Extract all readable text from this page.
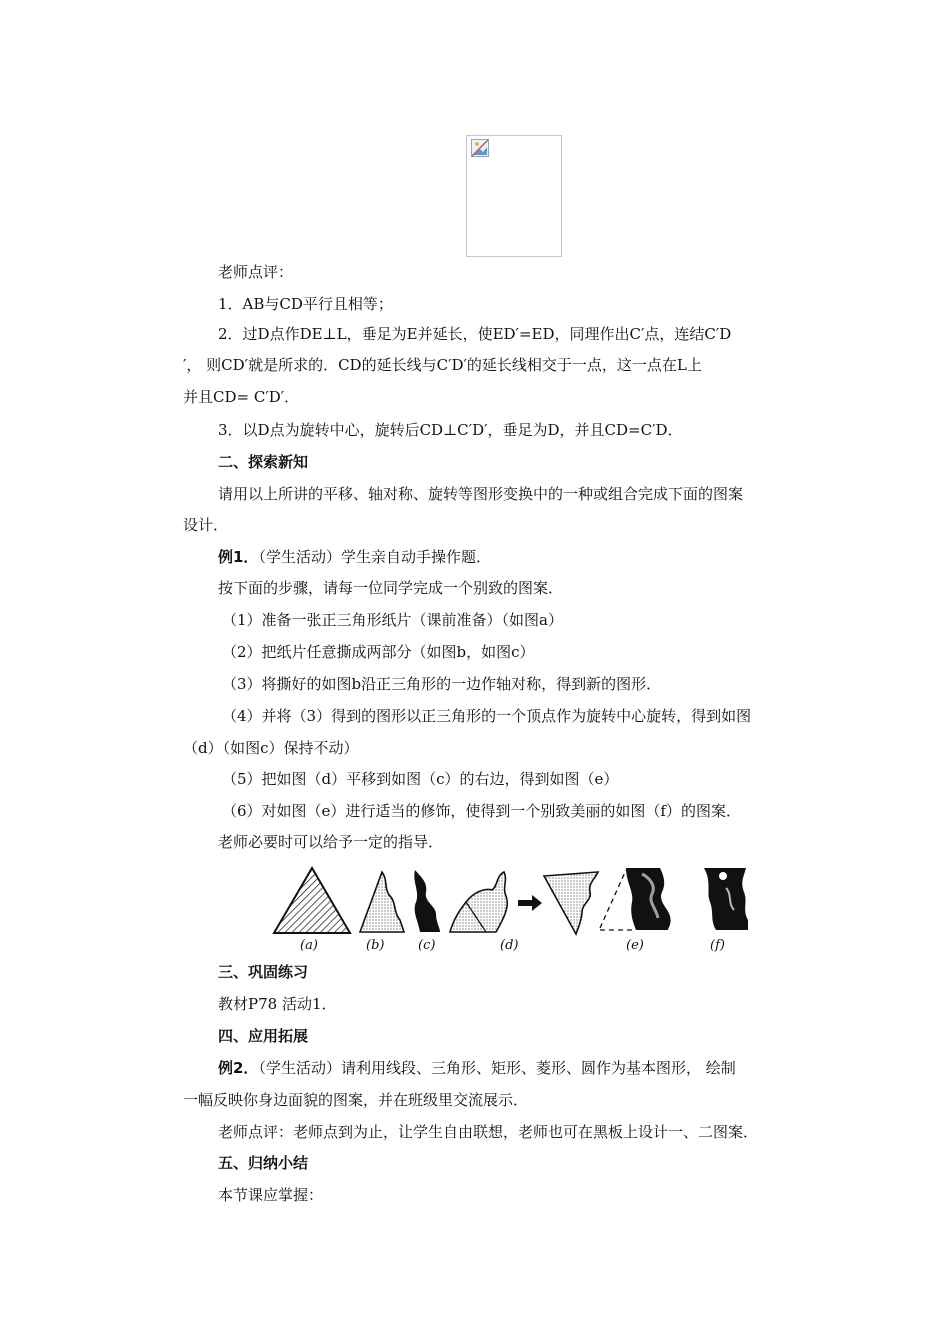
老师点评：
1．AB与CD平行且相等；
2．过D点作DE⊥L，垂足为E并延长，使ED′=ED，同理作出C′点，连结C′D
′， 则CD′就是所求的．CD的延长线与C′D′的延长线相交于一点，这一点在L上
并且CD= C′D′．
3．以D点为旋转中心，旋转后CD⊥C′D′，垂足为D，并且CD=C′D．
二、探索新知
请用以上所讲的平移、轴对称、旋转等图形变换中的一种或组合完成下面的图案
设计．
例1．（学生活动）学生亲自动手操作题．
按下面的步骤，请每一位同学完成一个别致的图案．
（1）准备一张正三角形纸片（课前准备）（如图a）
（2）把纸片任意撕成两部分（如图b，如图c）
（3）将撕好的如图b沿正三角形的一边作轴对称，得到新的图形．
（4）并将（3）得到的图形以正三角形的一个顶点作为旋转中心旋转，得到如图
（d）（如图c）保持不动）
（5）把如图（d）平移到如图（c）的右边，得到如图（e）
（6）对如图（e）进行适当的修饰，使得到一个别致美丽的如图（f）的图案．
老师必要时可以给予一定的指导．
(a)	(b)	(c)	(d)	(e)	(f)
三、巩固练习
教材P78 活动1．
四、应用拓展
例2．（学生活动）请利用线段、三角形、矩形、菱形、圆作为基本图形， 绘制
一幅反映你身边面貌的图案，并在班级里交流展示．
老师点评：老师点到为止，让学生自由联想，老师也可在黑板上设计一、二图案．
五、归纳小结
本节课应掌握：
